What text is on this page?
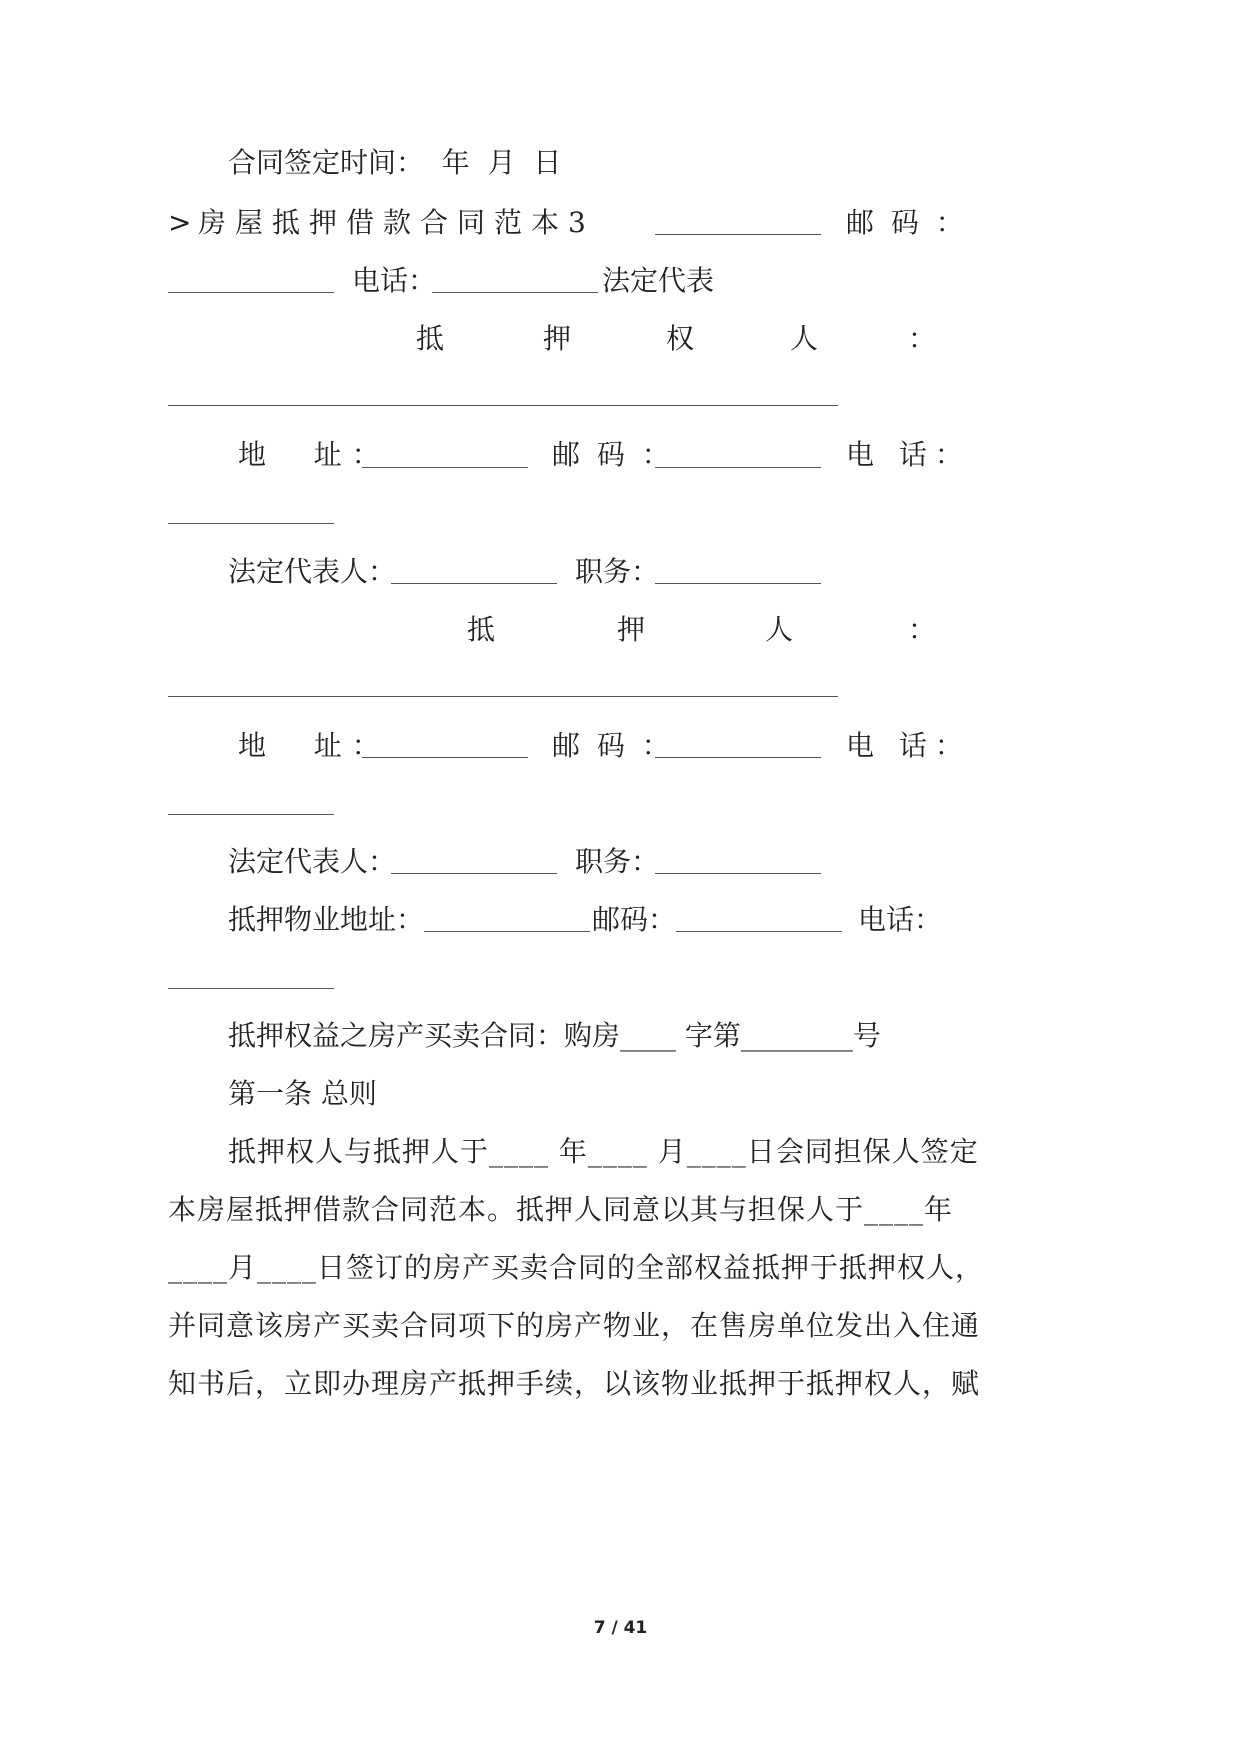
合同签定时间：  年  月  日
> 房屋抵押借款合同范本3	邮 码 ：
电话：	法定代表
抵	押	权	人	：
地  址：	邮 码 ：	电 话：
法定代表人：	职务：
抵	押	人	：
地  址：	邮 码 ：	电 话：
法定代表人：	职务：
抵押物业地址：	邮码：	电话：
抵押权益之房产买卖合同：购房____ 字第________号
第一条 总则
抵押权人与抵押人于____ 年____ 月____日会同担保人签定
本房屋抵押借款合同范本。抵押人同意以其与担保人于____年
____月____日签订的房产买卖合同的全部权益抵押于抵押权人，
并同意该房产买卖合同项下的房产物业，在售房单位发出入住通
知书后，立即办理房产抵押手续，以该物业抵押于抵押权人，赋
7 / 41
